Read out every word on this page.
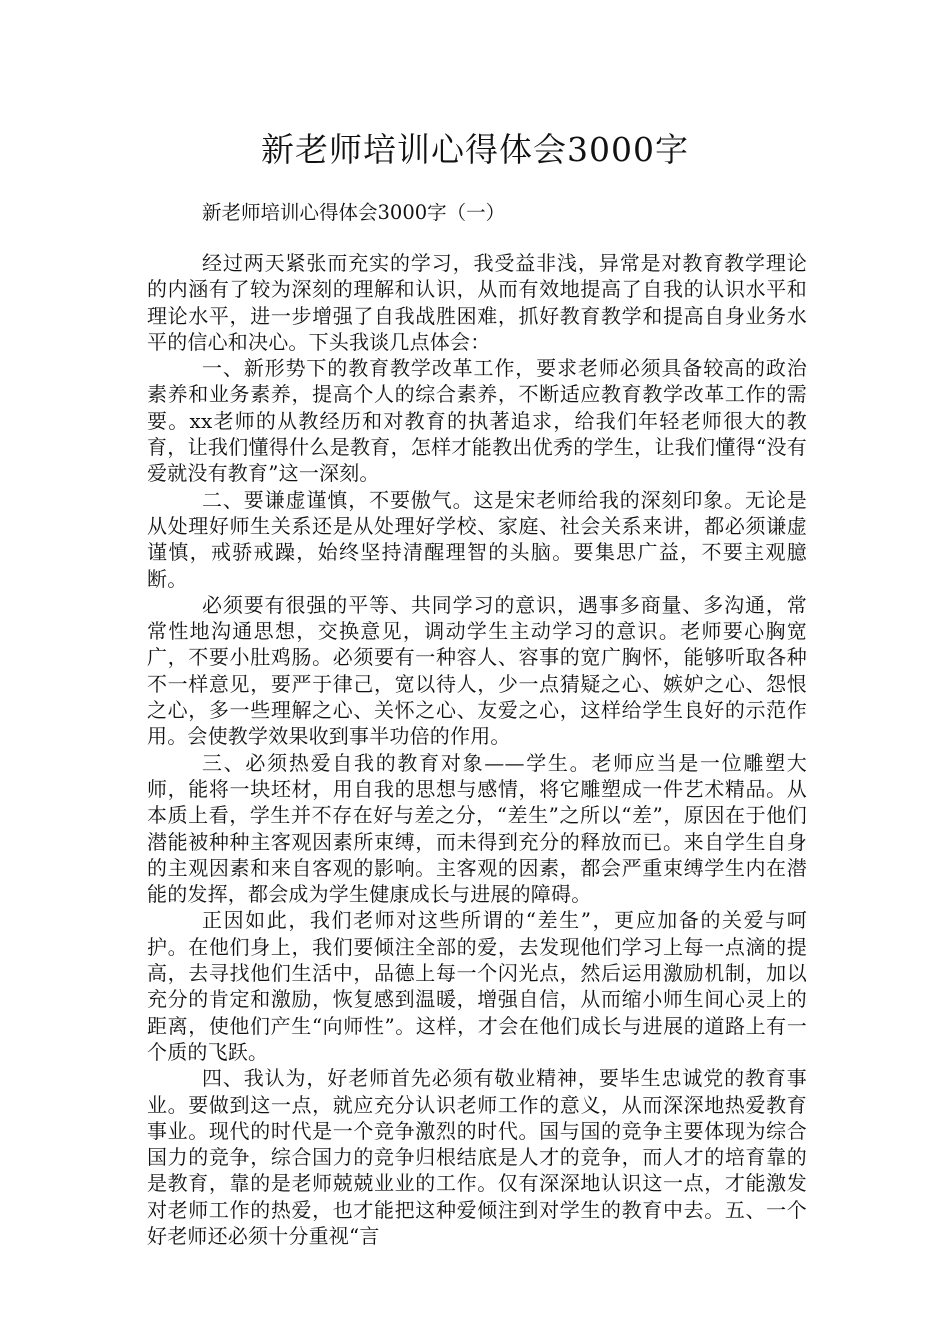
新老师培训心得体会3000字
新老师培训心得体会3000字（一）

经过两天紧张而充实的学习，我受益非浅，异常是对教育教学理论的内涵有了较为深刻的理解和认识，从而有效地提高了自我的认识水平和理论水平，进一步增强了自我战胜困难，抓好教育教学和提高自身业务水平的信心和决心。下头我谈几点体会：

一、新形势下的教育教学改革工作，要求老师必须具备较高的政治素养和业务素养，提高个人的综合素养，不断适应教育教学改革工作的需要。xx老师的从教经历和对教育的执著追求，给我们年轻老师很大的教育，让我们懂得什么是教育，怎样才能教出优秀的学生，让我们懂得“没有爱就没有教育”这一深刻。

二、要谦虚谨慎，不要傲气。这是宋老师给我的深刻印象。无论是从处理好师生关系还是从处理好学校、家庭、社会关系来讲，都必须谦虚谨慎，戒骄戒躁，始终坚持清醒理智的头脑。要集思广益，不要主观臆断。

必须要有很强的平等、共同学习的意识，遇事多商量、多沟通，常常性地沟通思想，交换意见，调动学生主动学习的意识。老师要心胸宽广，不要小肚鸡肠。必须要有一种容人、容事的宽广胸怀，能够听取各种不一样意见，要严于律己，宽以待人，少一点猜疑之心、嫉妒之心、怨恨之心，多一些理解之心、关怀之心、友爱之心，这样给学生良好的示范作用。会使教学效果收到事半功倍的作用。

三、必须热爱自我的教育对象——学生。老师应当是一位雕塑大师，能将一块坯材，用自我的思想与感情，将它雕塑成一件艺术精品。从本质上看，学生并不存在好与差之分，“差生”之所以“差”，原因在于他们潜能被种种主客观因素所束缚，而未得到充分的释放而已。来自学生自身的主观因素和来自客观的影响。主客观的因素，都会严重束缚学生内在潜能的发挥，都会成为学生健康成长与进展的障碍。

正因如此，我们老师对这些所谓的“差生”，更应加备的关爱与呵护。在他们身上，我们要倾注全部的爱，去发现他们学习上每一点滴的提高，去寻找他们生活中，品德上每一个闪光点，然后运用激励机制，加以充分的肯定和激励，恢复感到温暖，增强自信，从而缩小师生间心灵上的距离，使他们产生“向师性”。这样，才会在他们成长与进展的道路上有一个质的飞跃。

四、我认为，好老师首先必须有敬业精神，要毕生忠诚党的教育事业。要做到这一点，就应充分认识老师工作的意义，从而深深地热爱教育事业。现代的时代是一个竞争激烈的时代。国与国的竞争主要体现为综合国力的竞争，综合国力的竞争归根结底是人才的竞争，而人才的培育靠的是教育，靠的是老师兢兢业业的工作。仅有深深地认识这一点，才能激发对老师工作的热爱，也才能把这种爱倾注到对学生的教育中去。五、一个好老师还必须十分重视“言
